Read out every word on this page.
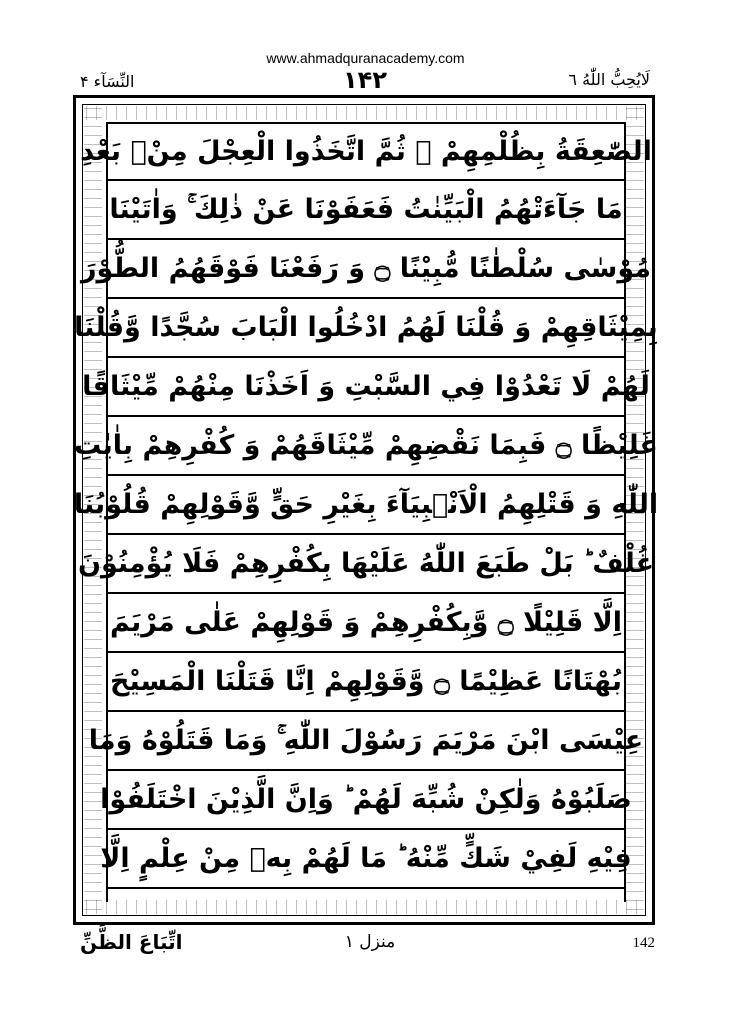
www.ahmadquranacademy.com
النِّسَآء ۴	۱۴۲	لَایُحِبُّ اللّٰهُ ٦
الصّٰعِقَةُ بِظُلْمِهِمْ ۚ ثُمَّ اتَّخَذُوا الْعِجْلَ مِنْۢ بَعْدِ
مَا جَآءَتْهُمُ الْبَيِّنٰتُ فَعَفَوْنَا عَنْ ذٰلِكَ ۚ وَاٰتَيْنَا
مُوْسٰى سُلْطٰنًا مُّبِيْنًا ۝ وَ رَفَعْنَا فَوْقَهُمُ الطُّوْرَ
بِمِيْثَاقِهِمْ وَ قُلْنَا لَهُمُ ادْخُلُوا الْبَابَ سُجَّدًا وَّقُلْنَا
لَهُمْ لَا تَعْدُوْا فِي السَّبْتِ وَ اَخَذْنَا مِنْهُمْ مِّيْثَاقًا
غَلِيْظًا ۝ فَبِمَا نَقْضِهِمْ مِّيْثَاقَهُمْ وَ كُفْرِهِمْ بِاٰيٰتِ
اللّٰهِ وَ قَتْلِهِمُ الْاَنْۢبِيَآءَ بِغَيْرِ حَقٍّ وَّقَوْلِهِمْ قُلُوْبُنَا
غُلْفٌ ؕ بَلْ طَبَعَ اللّٰهُ عَلَيْهَا بِكُفْرِهِمْ فَلَا يُؤْمِنُوْنَ
اِلَّا قَلِيْلًا ۝ وَّبِكُفْرِهِمْ وَ قَوْلِهِمْ عَلٰى مَرْيَمَ
بُهْتَانًا عَظِيْمًا ۝ وَّقَوْلِهِمْ اِنَّا قَتَلْنَا الْمَسِيْحَ
عِيْسَى ابْنَ مَرْيَمَ رَسُوْلَ اللّٰهِ ۚ وَمَا قَتَلُوْهُ وَمَا
صَلَبُوْهُ وَلٰكِنْ شُبِّهَ لَهُمْ ؕ وَاِنَّ الَّذِيْنَ اخْتَلَفُوْا
فِيْهِ لَفِيْ شَكٍّ مِّنْهُ ؕ مَا لَهُمْ بِهٖ مِنْ عِلْمٍ اِلَّا
اتِّبَاعَ الظَّنِّ	منزل ۱	142
